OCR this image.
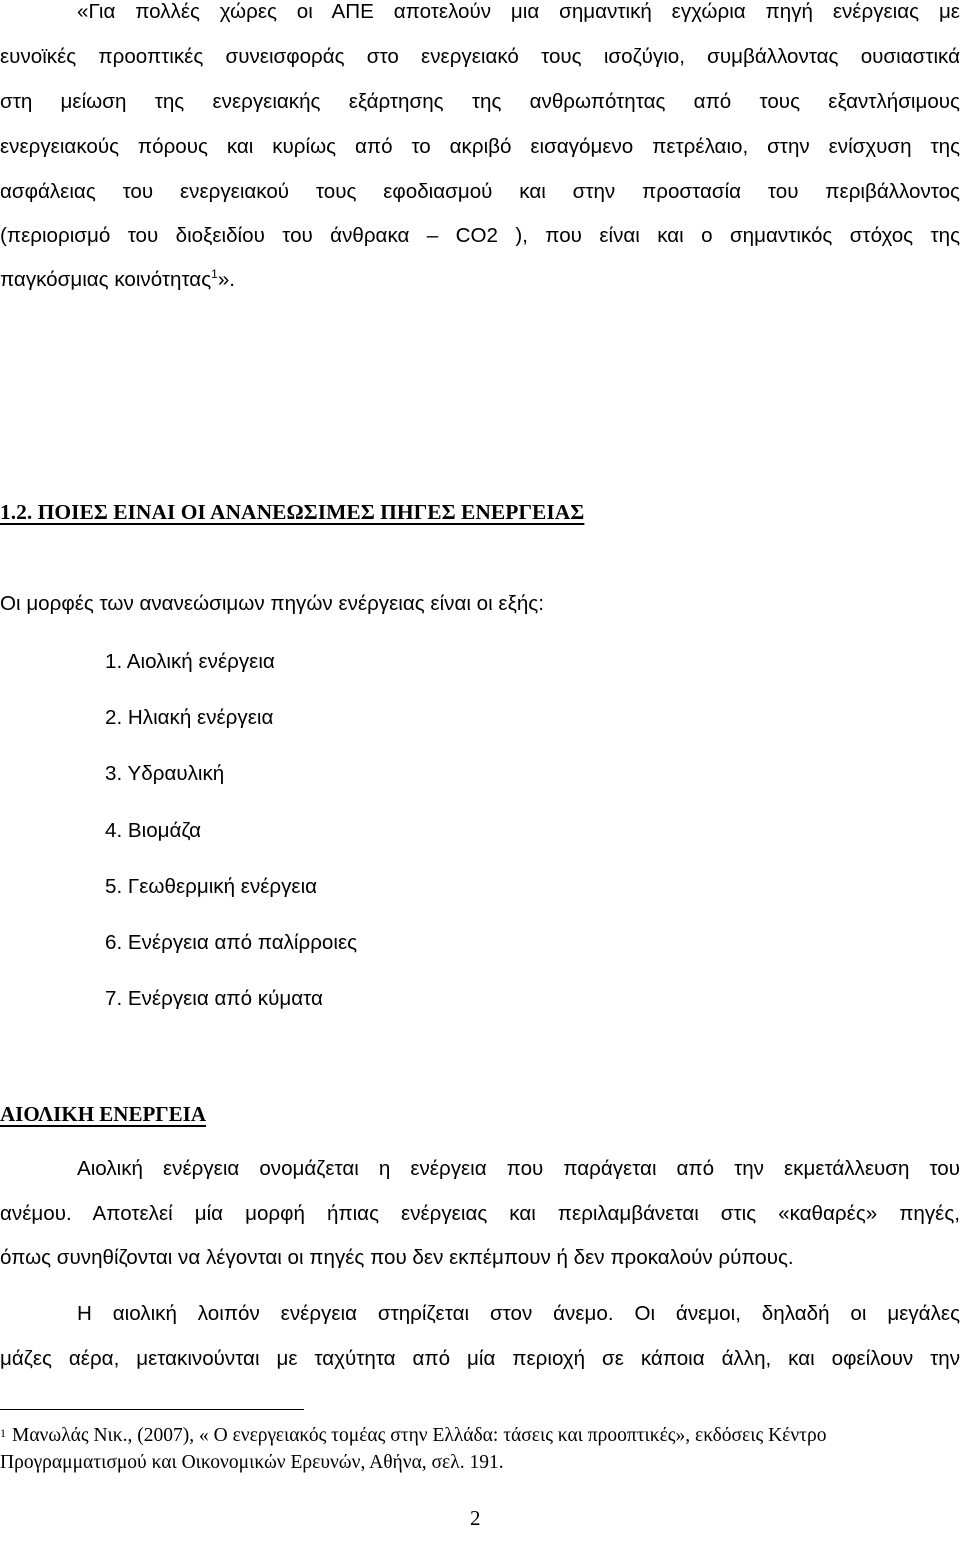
«Για πολλές χώρες οι ΑΠΕ αποτελούν μια σημαντική εγχώρια πηγή ενέργειας με

ευνοϊκές προοπτικές συνεισφοράς στο ενεργειακό τους ισοζύγιο, συμβάλλοντας ουσιαστικά

στη μείωση της ενεργειακής εξάρτησης της ανθρωπότητας από τους εξαντλήσιμους

ενεργειακούς πόρους και κυρίως από το ακριβό εισαγόμενο πετρέλαιο, στην ενίσχυση της

ασφάλειας του ενεργειακού τους εφοδιασμού και στην προστασία του περιβάλλοντος

(περιορισμό του διοξειδίου του άνθρακα – CO2 ), που είναι και ο σημαντικός στόχος της

παγκόσμιας κοινότητας$^1$».

1.2. ΠΟΙΕΣ ΕΙΝΑΙ ΟΙ ΑΝΑΝΕΩΣΙΜΕΣ ΠΗΓΕΣ ΕΝΕΡΓΕΙΑΣ

Οι μορφές των ανανεώσιμων πηγών ενέργειας είναι οι εξής:

1. Αιολική ενέργεια
2. Ηλιακή ενέργεια
3. Υδραυλική
4. Βιομάζα
5. Γεωθερμική ενέργεια
6. Ενέργεια από παλίρροιες
7. Ενέργεια από κύματα
ΑΙΟΛΙΚΗ ΕΝΕΡΓΕΙΑ

Αιολική ενέργεια ονομάζεται η ενέργεια που παράγεται από την εκμετάλλευση του

ανέμου. Αποτελεί μία μορφή ήπιας ενέργειας και περιλαμβάνεται στις «καθαρές» πηγές,

όπως συνηθίζονται να λέγονται οι πηγές που δεν εκπέμπουν ή δεν προκαλούν ρύπους.

Η αιολική λοιπόν ενέργεια στηρίζεται στον άνεμο. Οι άνεμοι, δηλαδή οι μεγάλες

μάζες αέρα, μετακινούνται με ταχύτητα από μία περιοχή σε κάποια άλλη, και οφείλουν την

$^1$ Μανωλάς Νικ., (2007), « Ο ενεργειακός τομέας στην Ελλάδα: τάσεις και προοπτικές», εκδόσεις Κέντρο
Προγραμματισμού και Οικονομικών Ερευνών, Αθήνα, σελ. 191.

2
